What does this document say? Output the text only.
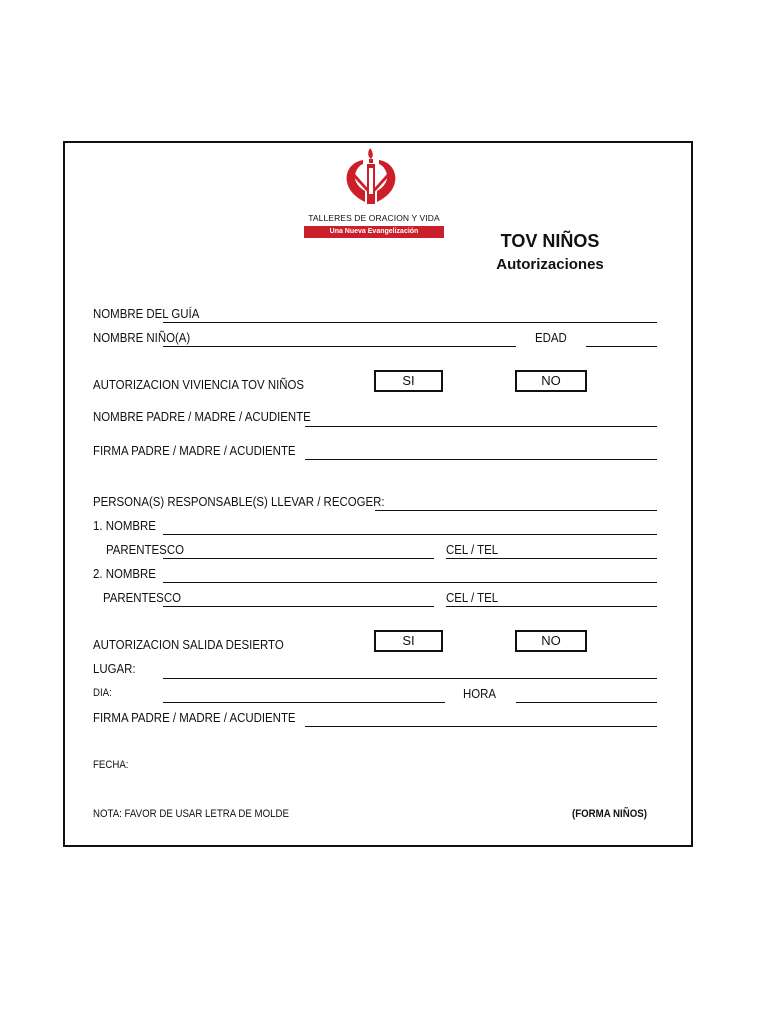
TALLERES DE ORACION Y VIDA
Una Nueva Evangelización	TOV NIÑOS
Autorizaciones
NOMBRE DEL GUÍA
NOMBRE NIÑO(A)	EDAD
AUTORIZACION VIVIENCIA TOV NIÑOS	SI	NO
NOMBRE PADRE / MADRE / ACUDIENTE
FIRMA PADRE / MADRE / ACUDIENTE
PERSONA(S) RESPONSABLE(S) LLEVAR / RECOGER:
1. NOMBRE
PARENTESCO	CEL / TEL
2. NOMBRE
PARENTESCO	CEL / TEL
AUTORIZACION SALIDA DESIERTO	SI	NO
LUGAR:
DIA:	HORA
FIRMA PADRE / MADRE / ACUDIENTE
FECHA:
NOTA: FAVOR DE USAR LETRA DE MOLDE	(FORMA NIÑOS)
